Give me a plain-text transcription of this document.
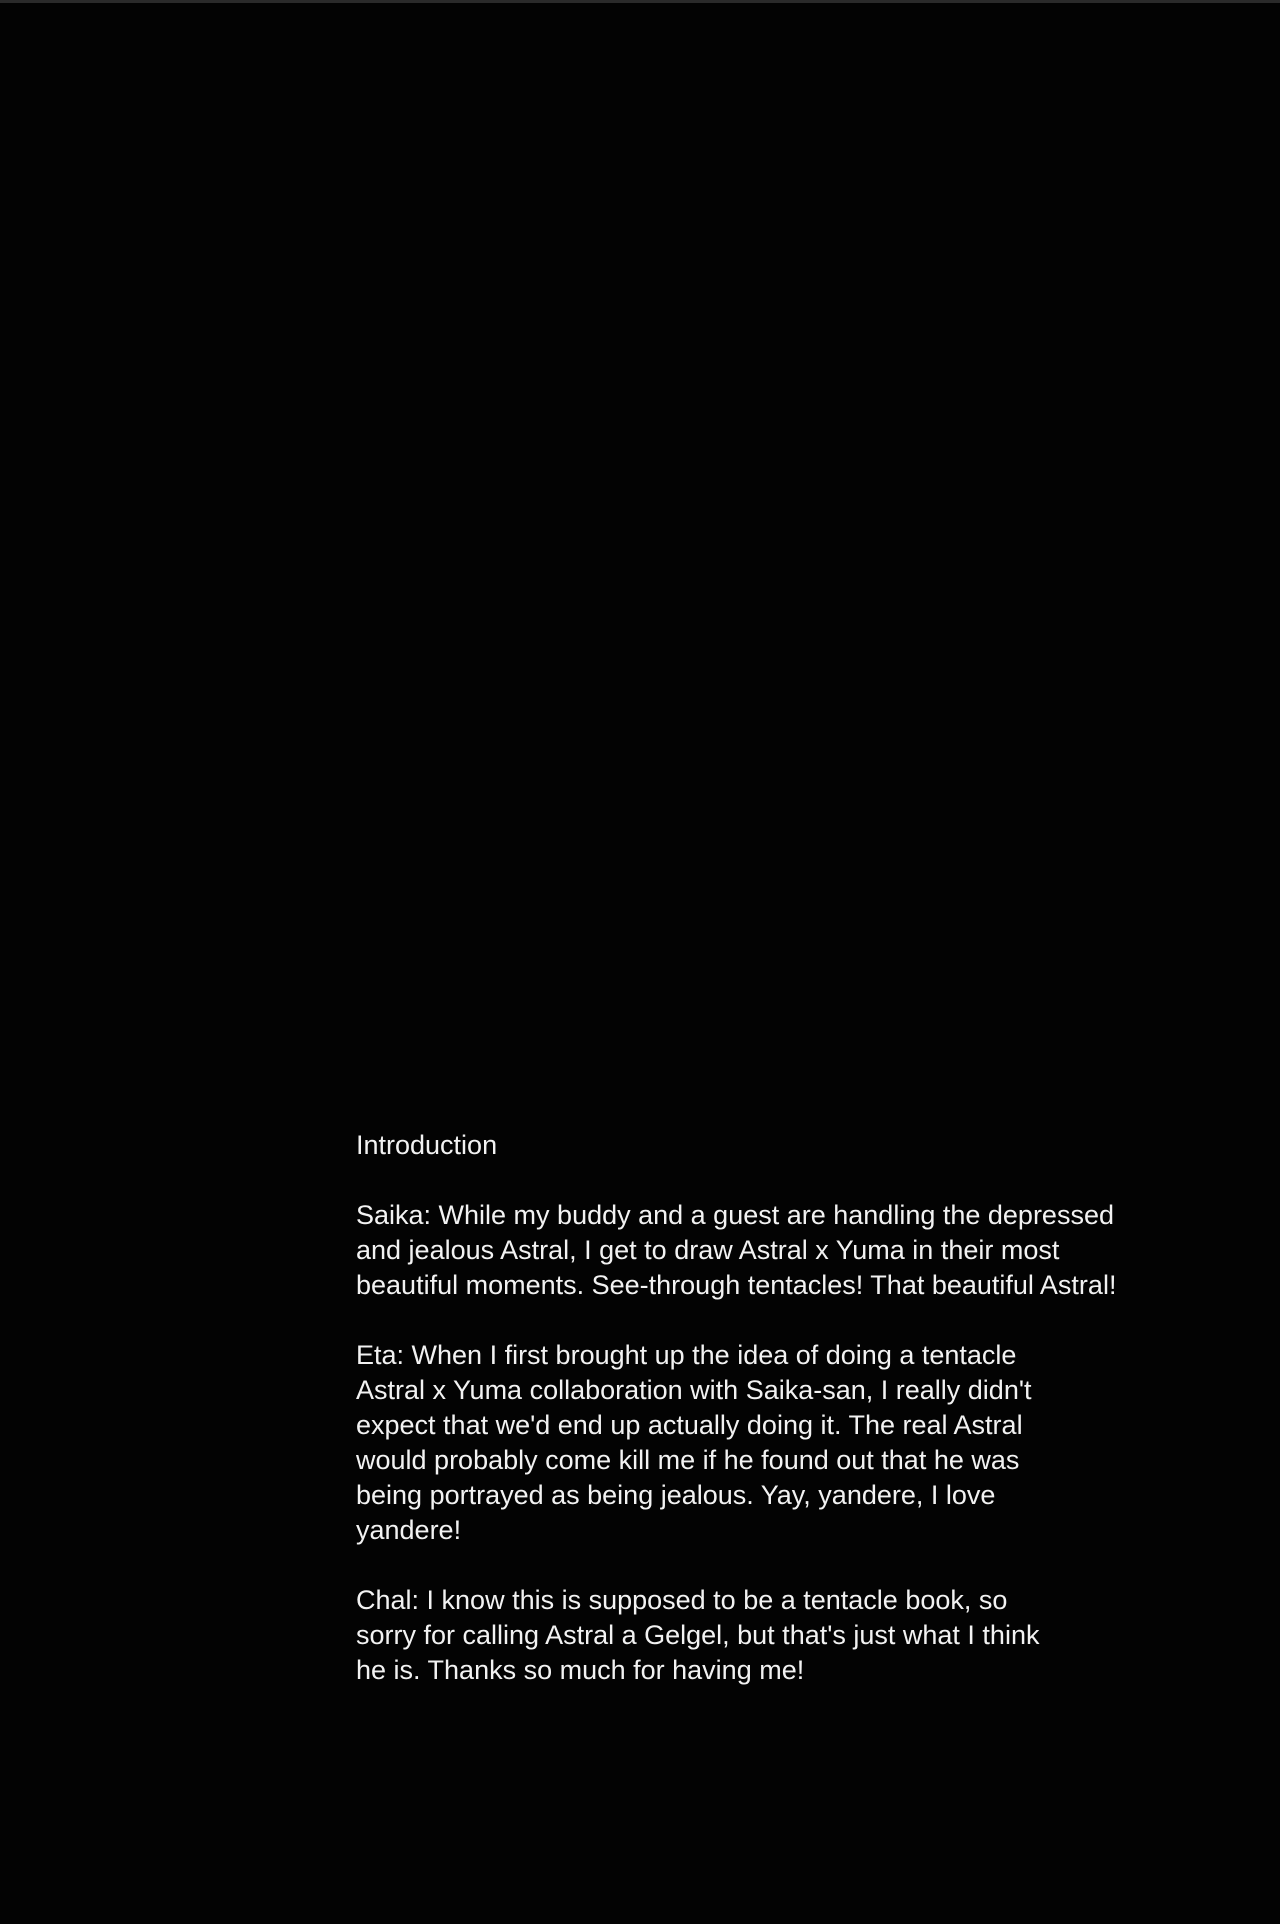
Introduction
Saika: While my buddy and a guest are handling the depressed
and jealous Astral, I get to draw Astral x Yuma in their most
beautiful moments. See-through tentacles! That beautiful Astral!
Eta: When I first brought up the idea of doing a tentacle
Astral x Yuma collaboration with Saika-san, I really didn't
expect that we'd end up actually doing it. The real Astral
would probably come kill me if he found out that he was
being portrayed as being jealous. Yay, yandere, I love
yandere!
Chal: I know this is supposed to be a tentacle book, so
sorry for calling Astral a Gelgel, but that's just what I think
he is. Thanks so much for having me!
